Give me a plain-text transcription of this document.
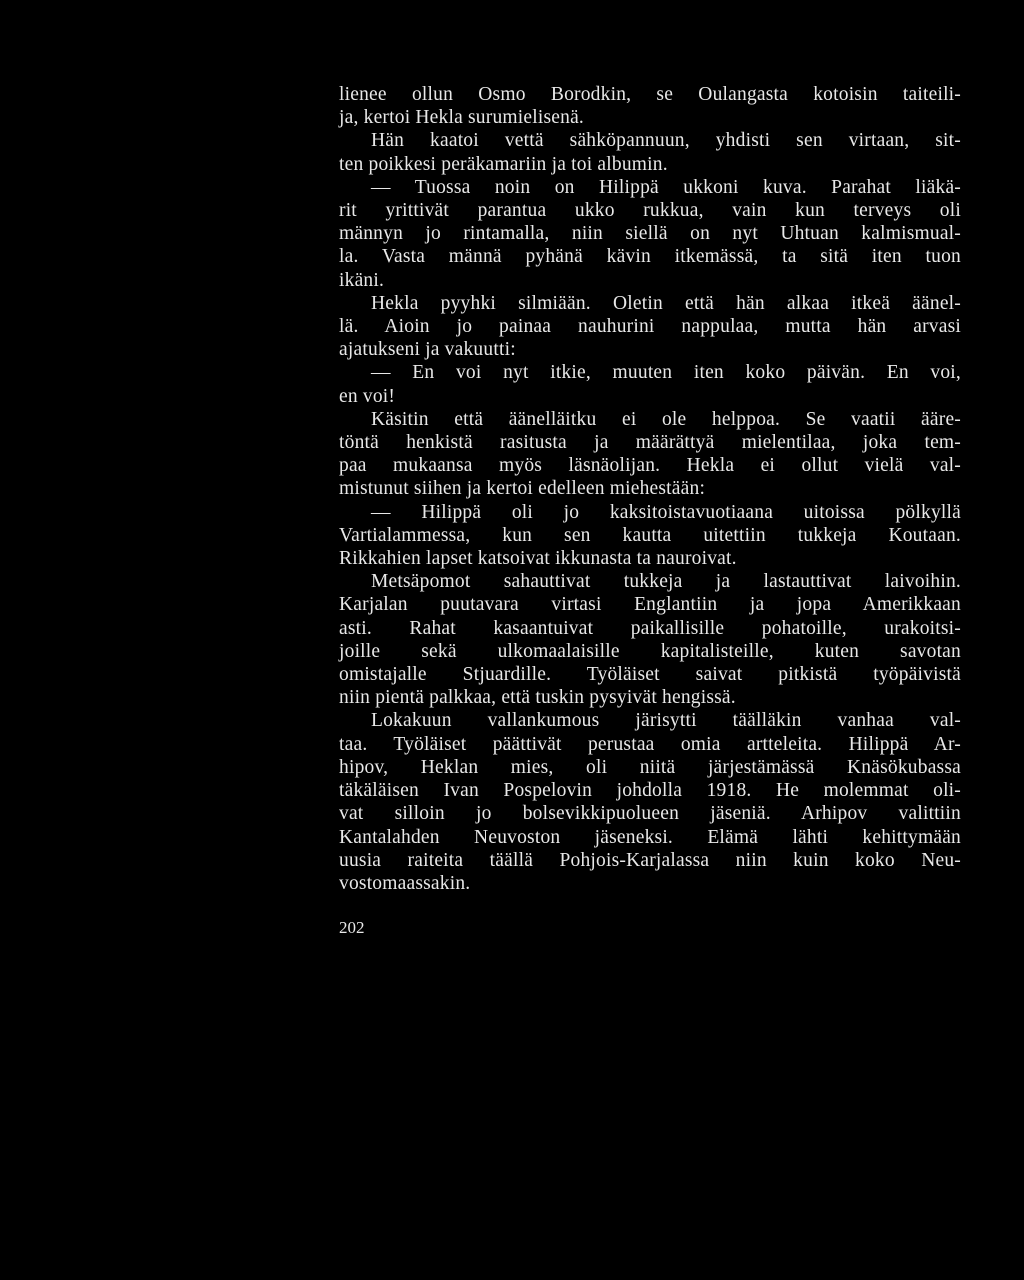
lienee ollun Osmo Borodkin, se Oulangasta kotoisin taiteili-
ja, kertoi Hekla surumielisenä.
Hän kaatoi vettä sähköpannuun, yhdisti sen virtaan, sit-
ten poikkesi peräkamariin ja toi albumin.
— Tuossa noin on Hilippä ukkoni kuva. Parahat liäkä-
rit yrittivät parantua ukko rukkua, vain kun terveys oli
männyn jo rintamalla, niin siellä on nyt Uhtuan kalmismual-
la. Vasta männä pyhänä kävin itkemässä, ta sitä iten tuon
ikäni.
Hekla pyyhki silmiään. Oletin että hän alkaa itkeä äänel-
lä. Aioin jo painaa nauhurini nappulaa, mutta hän arvasi
ajatukseni ja vakuutti:
— En voi nyt itkie, muuten iten koko päivän. En voi,
en voi!
Käsitin että äänelläitku ei ole helppoa. Se vaatii ääre-
töntä henkistä rasitusta ja määrättyä mielentilaa, joka tem-
paa mukaansa myös läsnäolijan. Hekla ei ollut vielä val-
mistunut siihen ja kertoi edelleen miehestään:
— Hilippä oli jo kaksitoistavuotiaana uitoissa pölkyllä
Vartialammessa, kun sen kautta uitettiin tukkeja Koutaan.
Rikkahien lapset katsoivat ikkunasta ta nauroivat.
Metsäpomot sahauttivat tukkeja ja lastauttivat laivoihin.
Karjalan puutavara virtasi Englantiin ja jopa Amerikkaan
asti. Rahat kasaantuivat paikallisille pohatoille, urakoitsi-
joille sekä ulkomaalaisille kapitalisteille, kuten savotan
omistajalle Stjuardille. Työläiset saivat pitkistä työpäivistä
niin pientä palkkaa, että tuskin pysyivät hengissä.
Lokakuun vallankumous järisytti täälläkin vanhaa val-
taa. Työläiset päättivät perustaa omia artteleita. Hilippä Ar-
hipov, Heklan mies, oli niitä järjestämässä Knäsökubassa
täkäläisen Ivan Pospelovin johdolla 1918. He molemmat oli-
vat silloin jo bolsevikkipuolueen jäseniä. Arhipov valittiin
Kantalahden Neuvoston jäseneksi. Elämä lähti kehittymään
uusia raiteita täällä Pohjois-Karjalassa niin kuin koko Neu-
vostomaassakin.
202
